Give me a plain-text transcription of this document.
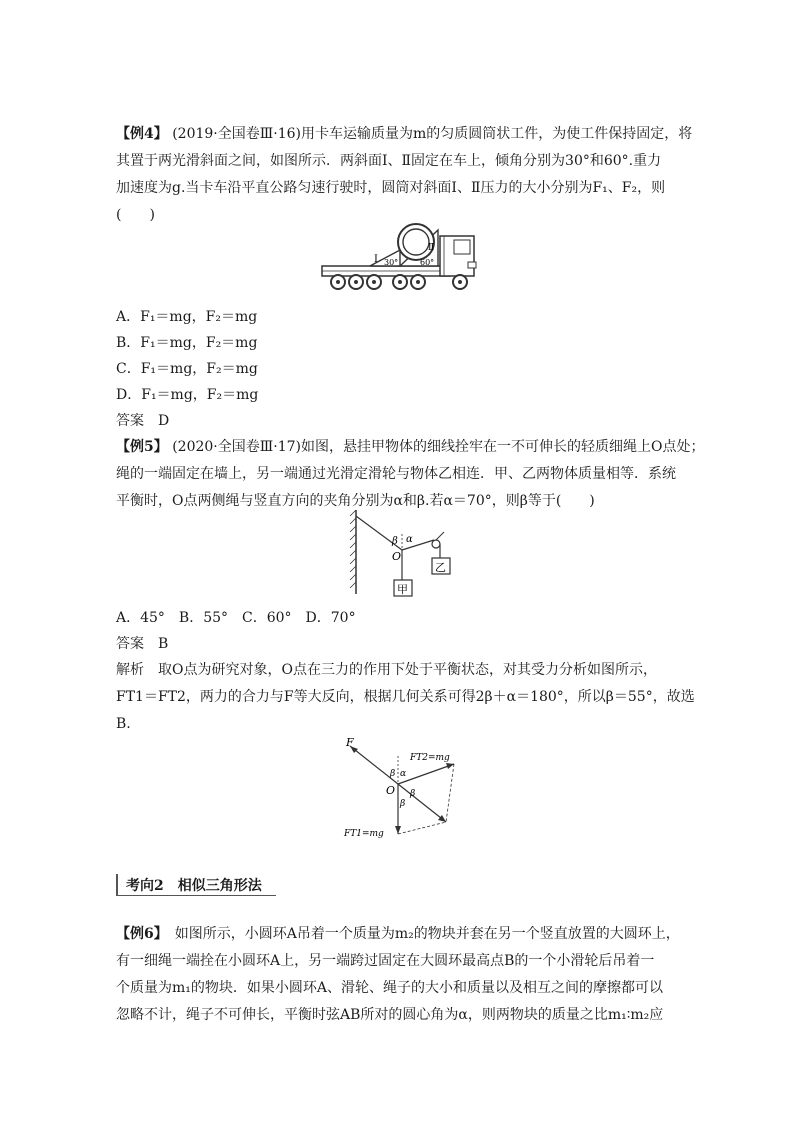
【例4】 (2019·全国卷Ⅲ·16)用卡车运输质量为m的匀质圆筒状工件，为使工件保持固定，将
其置于两光滑斜面之间，如图所示．两斜面Ⅰ、Ⅱ固定在车上，倾角分别为30°和60°.重力
加速度为g.当卡车沿平直公路匀速行驶时，圆筒对斜面Ⅰ、Ⅱ压力的大小分别为F₁、F₂，则
(　　)
Ⅰ
Ⅱ
30°	60°
A．F₁＝mg，F₂＝mg
B．F₁＝mg，F₂＝mg
C．F₁＝mg，F₂＝mg
D．F₁＝mg，F₂＝mg
答案　D
【例5】 (2020·全国卷Ⅲ·17)如图，悬挂甲物体的细线拴牢在一不可伸长的轻质细绳上O点处；
绳的一端固定在墙上，另一端通过光滑定滑轮与物体乙相连．甲、乙两物体质量相等．系统
平衡时，O点两侧绳与竖直方向的夹角分别为α和β.若α＝70°，则β等于(　　)
β α
O
甲
乙
A．45°　B．55°　C．60°　D．70°
答案　B
解析　取O点为研究对象，O点在三力的作用下处于平衡状态，对其受力分析如图所示，
FT1＝FT2，两力的合力与F等大反向，根据几何关系可得2β＋α＝180°，所以β＝55°，故选
B.
F
FT2=mg
FT1=mg
O
α
β
β
β
考向2　相似三角形法
【例6】　如图所示，小圆环A吊着一个质量为m₂的物块并套在另一个竖直放置的大圆环上，
有一细绳一端拴在小圆环A上，另一端跨过固定在大圆环最高点B的一个小滑轮后吊着一
个质量为m₁的物块．如果小圆环A、滑轮、绳子的大小和质量以及相互之间的摩擦都可以
忽略不计，绳子不可伸长，平衡时弦AB所对的圆心角为α，则两物块的质量之比m₁∶m₂应
